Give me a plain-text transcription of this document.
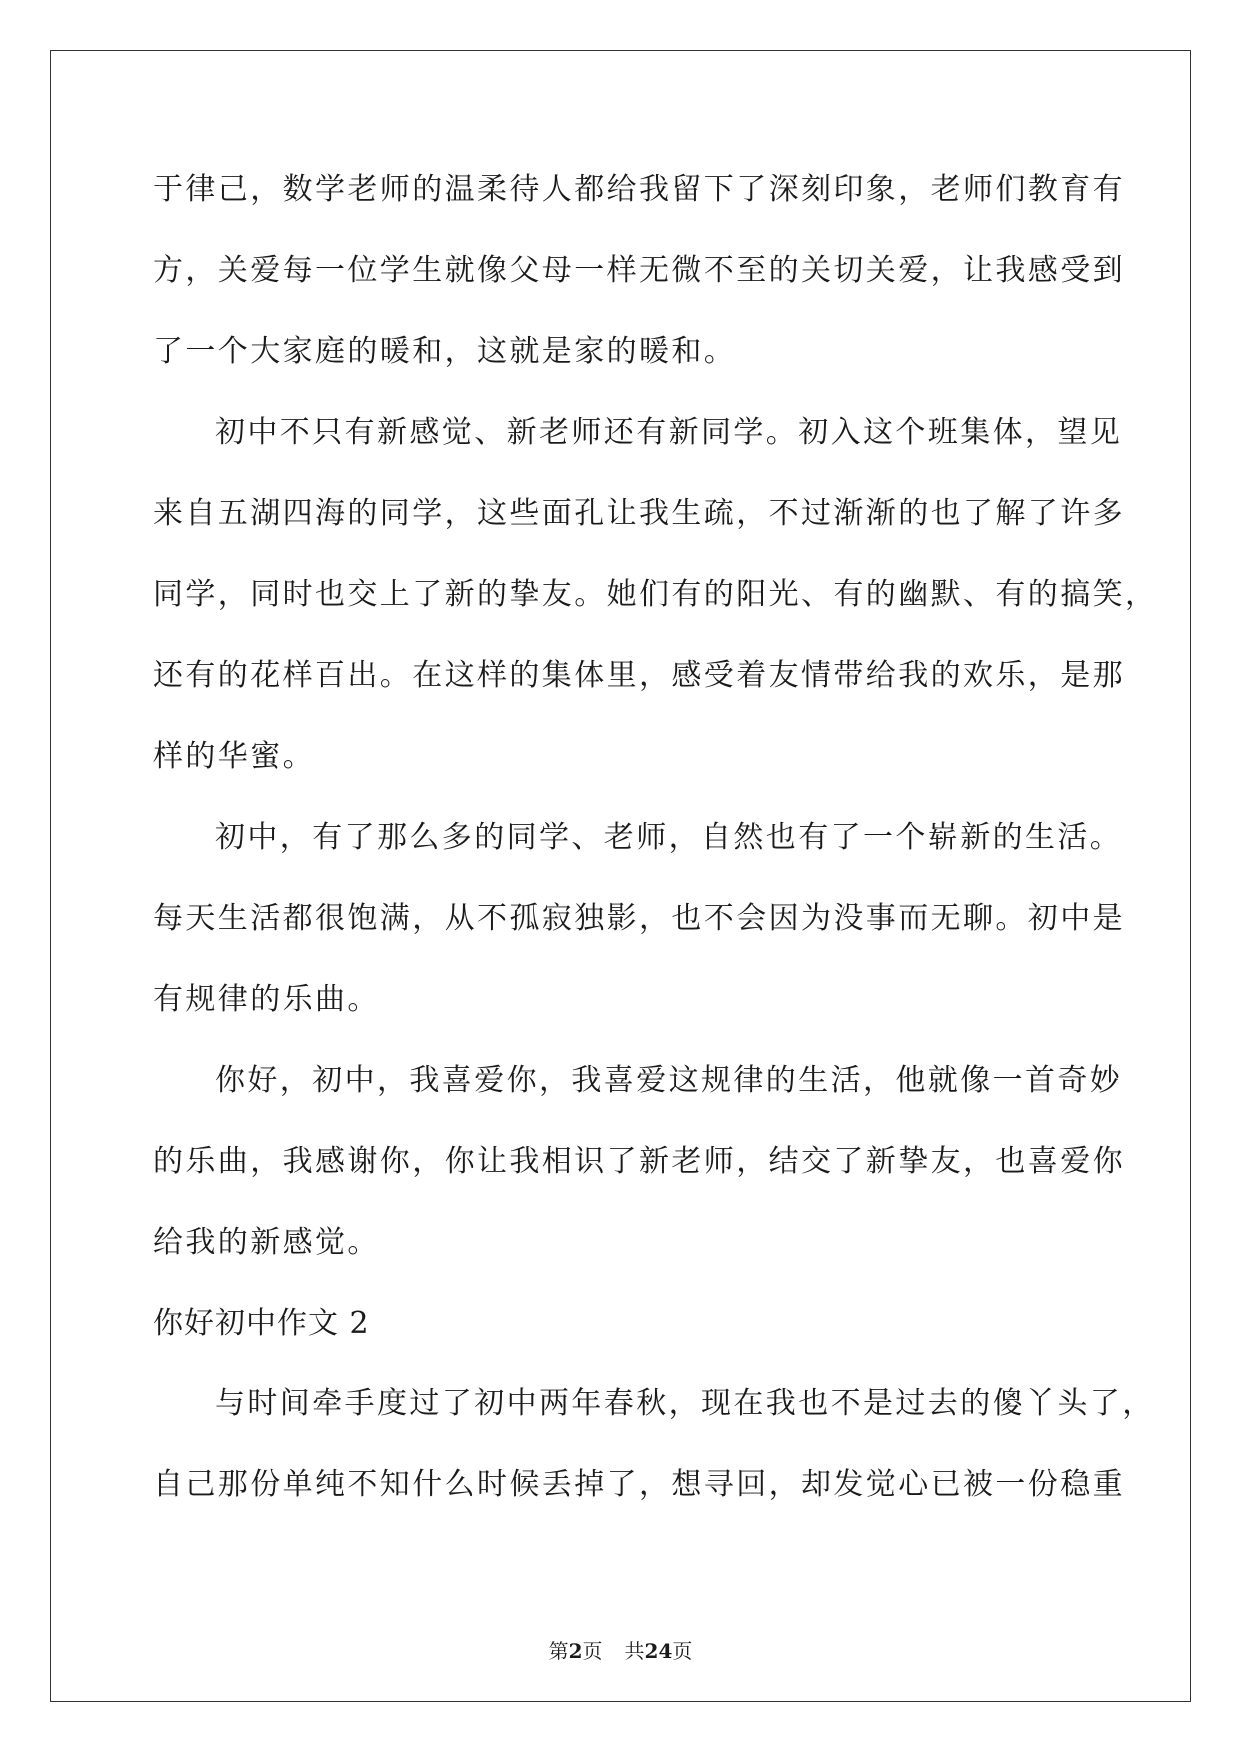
于律己，数学老师的温柔待人都给我留下了深刻印象，老师们教育有
方，关爱每一位学生就像父母一样无微不至的关切关爱，让我感受到
了一个大家庭的暖和，这就是家的暖和。
初中不只有新感觉、新老师还有新同学。初入这个班集体，望见
来自五湖四海的同学，这些面孔让我生疏，不过渐渐的也了解了许多
同学，同时也交上了新的挚友。她们有的阳光、有的幽默、有的搞笑，
还有的花样百出。在这样的集体里，感受着友情带给我的欢乐，是那
样的华蜜。
初中，有了那么多的同学、老师，自然也有了一个崭新的生活。
每天生活都很饱满，从不孤寂独影，也不会因为没事而无聊。初中是
有规律的乐曲。
你好，初中，我喜爱你，我喜爱这规律的生活，他就像一首奇妙
的乐曲，我感谢你，你让我相识了新老师，结交了新挚友，也喜爱你
给我的新感觉。
你好初中作文 2
与时间牵手度过了初中两年春秋，现在我也不是过去的傻丫头了，
自己那份单纯不知什么时候丢掉了，想寻回，却发觉心已被一份稳重
第2页 共24页
